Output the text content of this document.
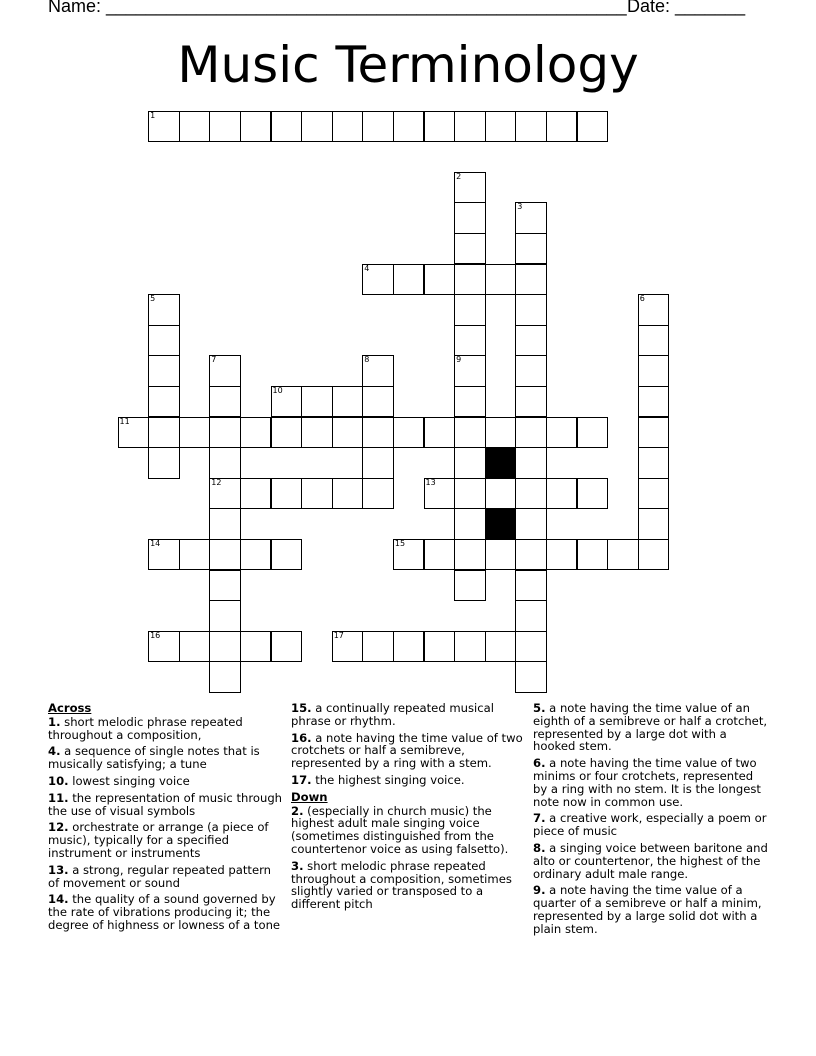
Name: ____________________________________________________ Date: _______
Music Terminology
1
2
9
3
4
5	6
7
12
8
10
11
13
14	15
16	17
Across
1. short melodic phrase repeated throughout a composition,
4. a sequence of single notes that is musically satisfying; a tune
10. lowest singing voice
11. the representation of music through the use of visual symbols
12. orchestrate or arrange (a piece of music), typically for a specified instrument or instruments
13. a strong, regular repeated pattern of movement or sound
14. the quality of a sound governed by the rate of vibrations producing it; the degree of highness or lowness of a tone
15. a continually repeated musical phrase or rhythm.
16. a note having the time value of two crotchets or half a semibreve, represented by a ring with a stem.
17. the highest singing voice.
Down
2. (especially in church music) the highest adult male singing voice (sometimes distinguished from the countertenor voice as using falsetto).
3. short melodic phrase repeated throughout a composition, sometimes slightly varied or transposed to a different pitch
5. a note having the time value of an eighth of a semibreve or half a crotchet, represented by a large dot with a hooked stem.
6. a note having the time value of two minims or four crotchets, represented by a ring with no stem. It is the longest note now in common use.
7. a creative work, especially a poem or piece of music
8. a singing voice between baritone and alto or countertenor, the highest of the ordinary adult male range.
9. a note having the time value of a quarter of a semibreve or half a minim, represented by a large solid dot with a plain stem.
